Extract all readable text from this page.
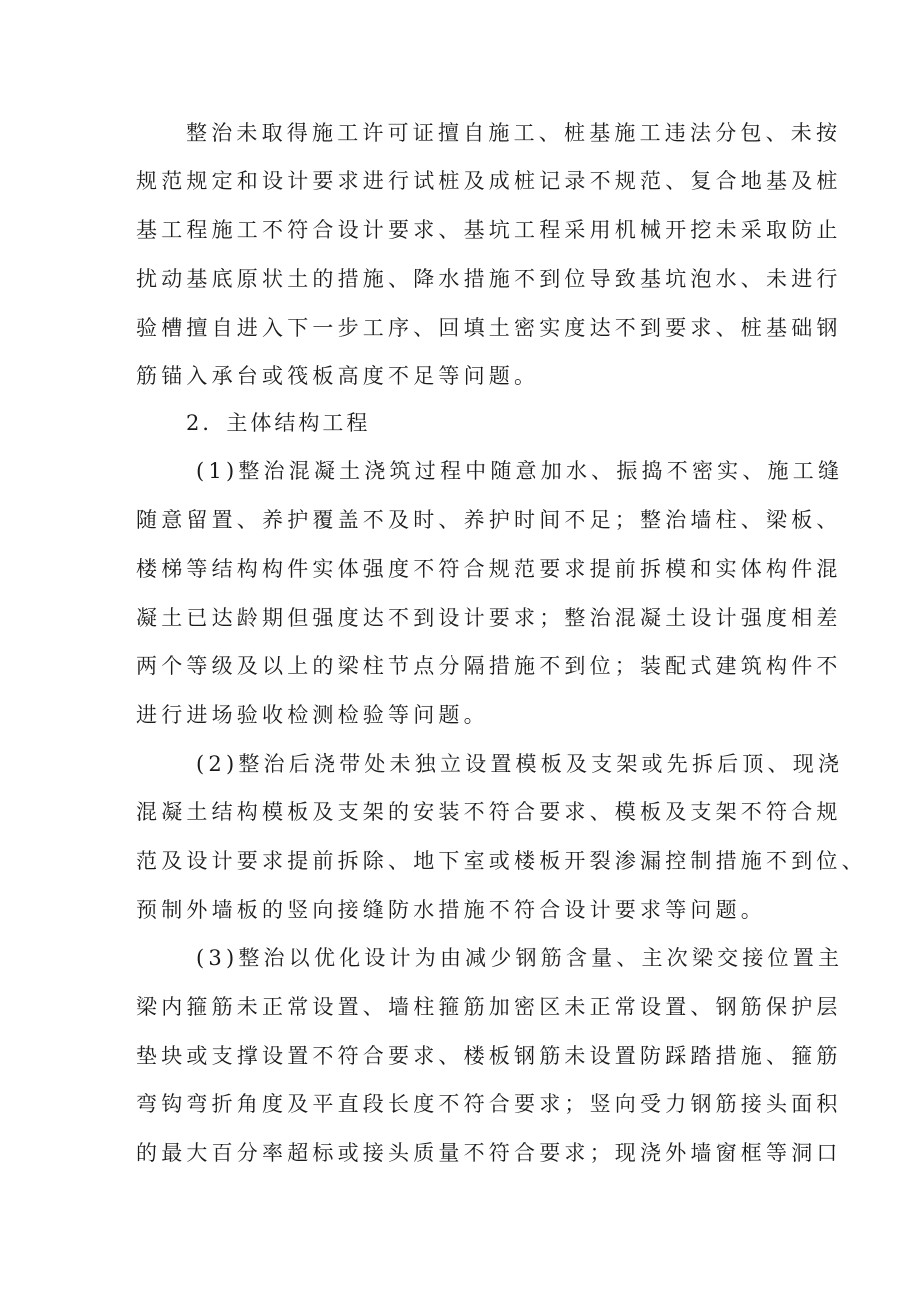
整治未取得施工许可证擅自施工、桩基施工违法分包、未按
规范规定和设计要求进行试桩及成桩记录不规范、复合地基及桩
基工程施工不符合设计要求、基坑工程采用机械开挖未采取防止
扰动基底原状土的措施、降水措施不到位导致基坑泡水、未进行
验槽擅自进入下一步工序、回填土密实度达不到要求、桩基础钢
筋锚入承台或筏板高度不足等问题。
2．主体结构工程
(1)整治混凝土浇筑过程中随意加水、振捣不密实、施工缝
随意留置、养护覆盖不及时、养护时间不足；整治墙柱、梁板、
楼梯等结构构件实体强度不符合规范要求提前拆模和实体构件混
凝土已达龄期但强度达不到设计要求；整治混凝土设计强度相差
两个等级及以上的梁柱节点分隔措施不到位；装配式建筑构件不
进行进场验收检测检验等问题。
(2)整治后浇带处未独立设置模板及支架或先拆后顶、现浇
混凝土结构模板及支架的安装不符合要求、模板及支架不符合规
范及设计要求提前拆除、地下室或楼板开裂渗漏控制措施不到位、
预制外墙板的竖向接缝防水措施不符合设计要求等问题。
(3)整治以优化设计为由减少钢筋含量、主次梁交接位置主
梁内箍筋未正常设置、墙柱箍筋加密区未正常设置、钢筋保护层
垫块或支撑设置不符合要求、楼板钢筋未设置防踩踏措施、箍筋
弯钩弯折角度及平直段长度不符合要求；竖向受力钢筋接头面积
的最大百分率超标或接头质量不符合要求；现浇外墙窗框等洞口
